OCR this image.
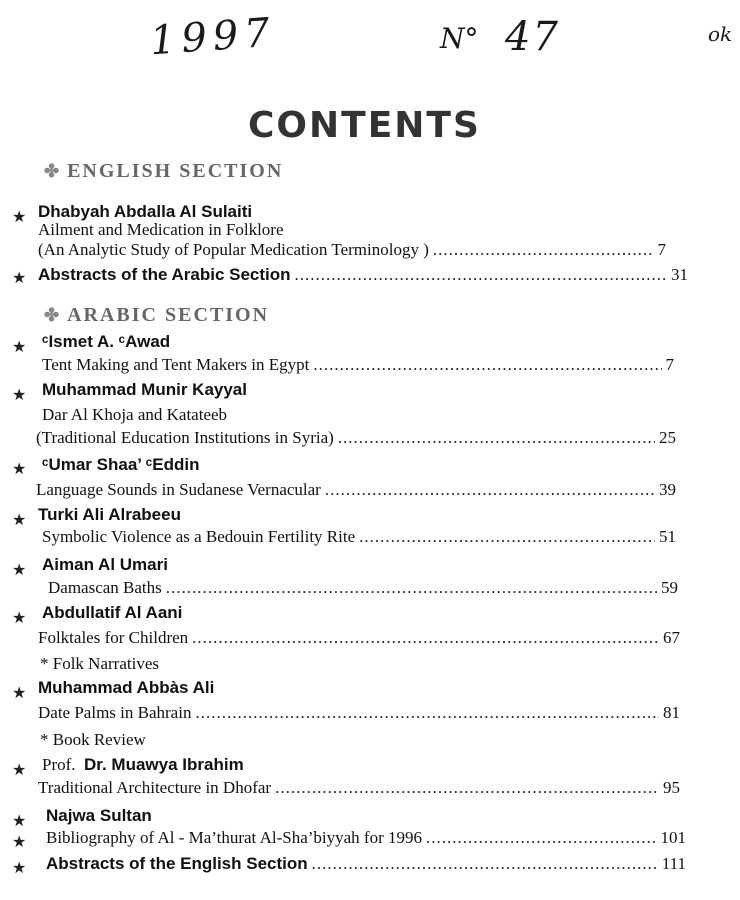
1997	N° 47	ok
CONTENTS
✤ ENGLISH SECTION
★ Dhabyah Abdalla Al Sulaiti
Ailment and Medication in Folklore
(An Analytic Study of Popular Medication Terminology ) .....	7
★ Abstracts of the Arabic Section .....	31
✤ ARABIC SECTION
★ ᶜIsmet A. ᶜAwad
Tent Making and Tent Makers in Egypt .....	7
★ Muhammad Munir Kayyal
Dar Al Khoja and Katateeb
(Traditional Education Institutions in Syria) .....	25
★ ᶜUmar Shaa’ ᶜEddin
Language Sounds in Sudanese Vernacular .....	39
★ Turki Ali Alrabeeu
Symbolic Violence as a Bedouin Fertility Rite .....	51
★ Aiman Al Umari
Damascan Baths .....	59
★ Abdullatif Al Aani
Folktales for Children .....	67
* Folk Narratives
★ Muhammad Abbàs Ali
Date Palms in Bahrain .....	81
* Book Review
★ Prof. Dr. Muawya Ibrahim
Traditional Architecture in Dhofar .....	95
★ Najwa Sultan
★ Bibliography of Al - Ma’thurat Al-Sha’biyyah for 1996 .....	101
★ Abstracts of the English Section .....	111
